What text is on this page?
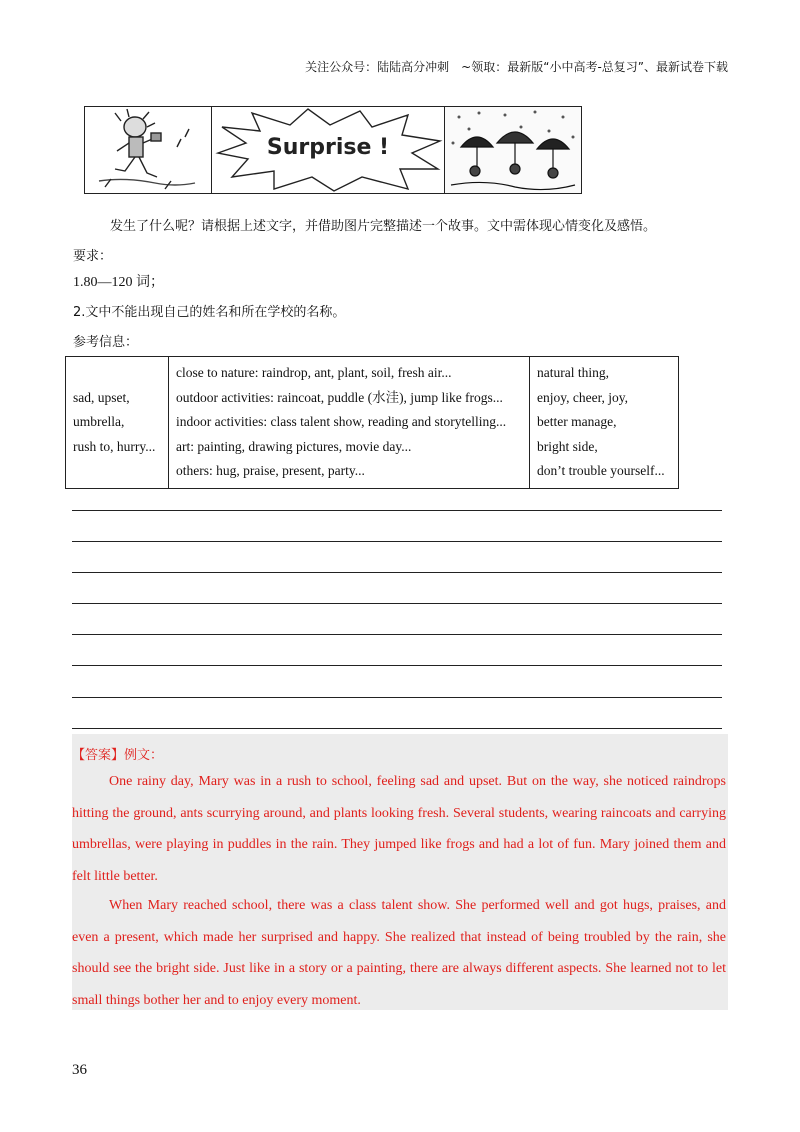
关注公众号：陆陆高分冲刺　~领取：最新版“小中高考-总复习”、最新试卷下载
Surprise !
发生了什么呢？请根据上述文字，并借助图片完整描述一个故事。文中需体现心情变化及感悟。
要求：
1.80—120 词；
2.文中不能出现自己的姓名和所在学校的名称。
参考信息：
sad, upset,
umbrella,
rush to, hurry...

close to nature: raindrop, ant, plant, soil, fresh air...
outdoor activities: raincoat, puddle (水洼), jump like frogs...
indoor activities: class talent show, reading and storytelling...
art: painting, drawing pictures, movie day...
others: hug, praise, present, party...

natural thing,
enjoy, cheer, joy,
better manage,
bright side,
don’t trouble yourself...
【答案】例文：
One rainy day, Mary was in a rush to school, feeling sad and upset. But on the way, she noticed raindrops hitting the ground, ants scurrying around, and plants looking fresh. Several students, wearing raincoats and carrying umbrellas, were playing in puddles in the rain. They jumped like frogs and had a lot of fun. Mary joined them and felt little better.
When Mary reached school, there was a class talent show. She performed well and got hugs, praises, and even a present, which made her surprised and happy. She realized that instead of being troubled by the rain, she should see the bright side. Just like in a story or a painting, there are always different aspects. She learned not to let small things bother her and to enjoy every moment.
36
